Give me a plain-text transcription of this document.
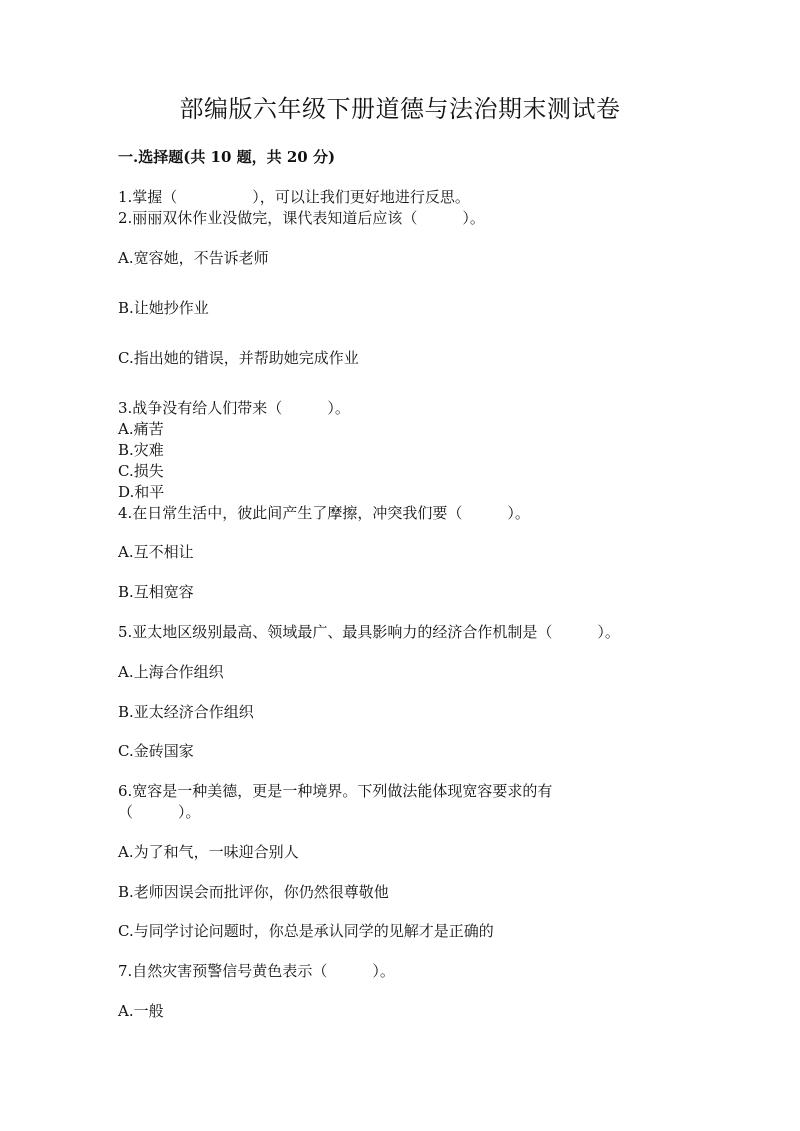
部编版六年级下册道德与法治期末测试卷
一.选择题(共 10 题，共 20 分)
1.掌握（　　　　　），可以让我们更好地进行反思。
2.丽丽双休作业没做完，课代表知道后应该（　　　）。
A.宽容她，不告诉老师
B.让她抄作业
C.指出她的错误，并帮助她完成作业
3.战争没有给人们带来（　　　）。
A.痛苦
B.灾难
C.损失
D.和平
4.在日常生活中，彼此间产生了摩擦，冲突我们要（　　　）。
A.互不相让
B.互相宽容
5.亚太地区级别最高、领域最广、最具影响力的经济合作机制是（　　　）。
A.上海合作组织
B.亚太经济合作组织
C.金砖国家
6.宽容是一种美德，更是一种境界。下列做法能体现宽容要求的有
（　　　）。
A.为了和气，一味迎合别人
B.老师因误会而批评你，你仍然很尊敬他
C.与同学讨论问题时，你总是承认同学的见解才是正确的
7.自然灾害预警信号黄色表示（　　　）。
A.一般
